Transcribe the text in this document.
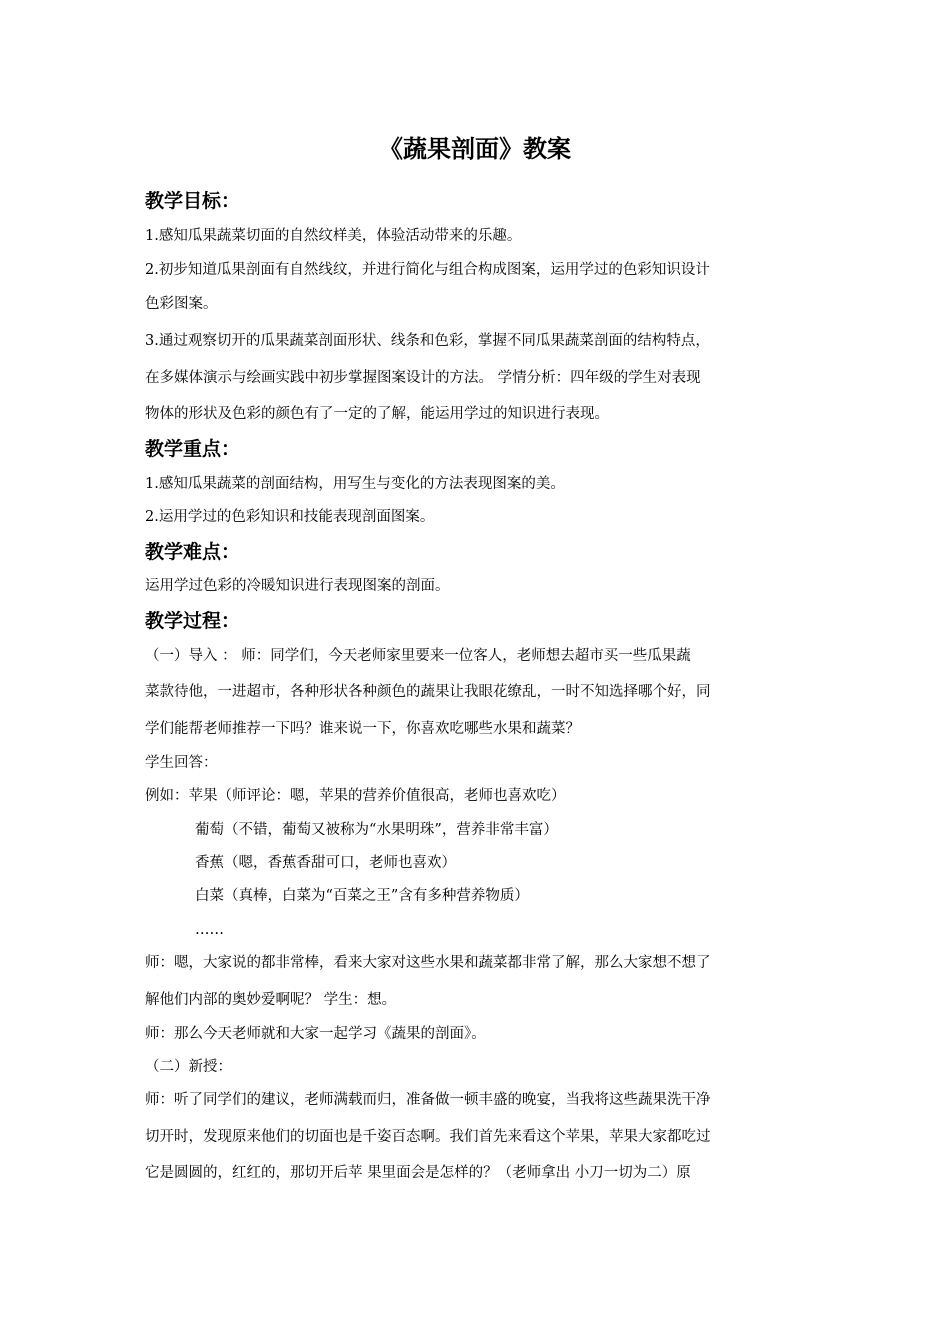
《蔬果剖面》教案
教学目标：
1.感知瓜果蔬菜切面的自然纹样美，体验活动带来的乐趣。
2.初步知道瓜果剖面有自然线纹，并进行简化与组合构成图案，运用学过的色彩知识设计
色彩图案。
3.通过观察切开的瓜果蔬菜剖面形状、线条和色彩，掌握不同瓜果蔬菜剖面的结构特点，
在多媒体演示与绘画实践中初步掌握图案设计的方法。 学情分析：四年级的学生对表现
物体的形状及色彩的颜色有了一定的了解，能运用学过的知识进行表现。
教学重点：
1.感知瓜果蔬菜的剖面结构，用写生与变化的方法表现图案的美。
2.运用学过的色彩知识和技能表现剖面图案。
教学难点：
运用学过色彩的冷暖知识进行表现图案的剖面。
教学过程：
（一）导入 ： 师：同学们，今天老师家里要来一位客人，老师想去超市买一些瓜果蔬
菜款待他，一进超市，各种形状各种颜色的蔬果让我眼花缭乱，一时不知选择哪个好，同
学们能帮老师推荐一下吗？谁来说一下，你喜欢吃哪些水果和蔬菜？
学生回答：
例如：苹果（师评论：嗯，苹果的营养价值很高，老师也喜欢吃）
葡萄（不错，葡萄又被称为“水果明珠”，营养非常丰富）
香蕉（嗯，香蕉香甜可口，老师也喜欢）
白菜（真棒，白菜为“百菜之王”含有多种营养物质）
……
师：嗯，大家说的都非常棒，看来大家对这些水果和蔬菜都非常了解，那么大家想不想了
解他们内部的奥妙爱啊呢？ 学生：想。
师：那么今天老师就和大家一起学习《蔬果的剖面》。
（二）新授：
师：听了同学们的建议，老师满载而归，准备做一顿丰盛的晚宴，当我将这些蔬果洗干净
切开时，发现原来他们的切面也是千姿百态啊。我们首先来看这个苹果，苹果大家都吃过
它是圆圆的，红红的，那切开后苹 果里面会是怎样的？（老师拿出 小刀一切为二）原
